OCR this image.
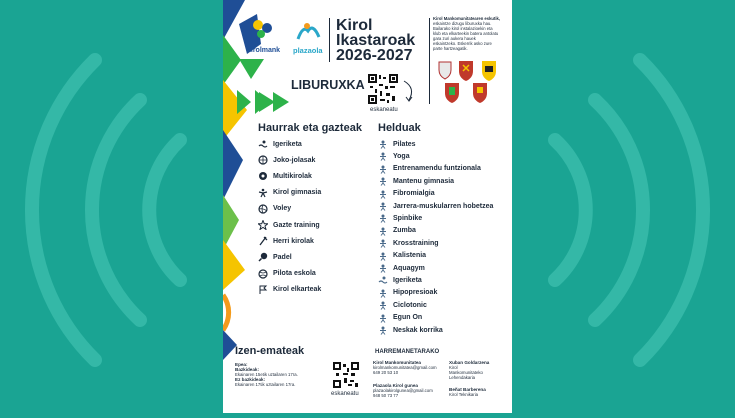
kirolmank plazaola
Kirol
Ikastaroak
2026-2027
Kirol Mankomunitatearen eskutik,
eskaintze dizugu liburuxka hau.
Bailarako kirol instalazioekin eta
klub eta elkarteekin batera antolatu
gara zuri aukera hauek
eskaintzeko. Eskerrik asko zure
parte hartzeagatik.
LIBURUXKA
eskaneatu
Haurrak eta gazteak Helduak
Igeriketa
Joko-jolasak
Multikirolak
Kirol gimnasia
Voley
Gazte training
Herri kirolak
Padel
Pilota eskola
Kirol elkarteak
Pilates
Yoga
Entrenamendu funtzionala
Mantenu gimnasia
Fibromialgia
Jarrera-muskularren hobetzea
Spinbike
Zumba
Krosstraining
Kalistenia
Aquagym
Igeriketa
Hipopresioak
Ciclotonic
Egun On
Neskak korrika
Izen-emateak
Epea:
Bazkideak:
Ekainaren 15etik uztailaren 17ra.
Ez bazkideak:
Ekainaren 17tik uztailaren 17ra.
eskaneatu
HARREMANETARAKO
Kirol Mankomunitatea
kirolmankomunitatea@gmail.com
649 20 53 10
Plazaola Kirol gunea
plazaolakirolgunea@gmail.com
948 50 73 77
Xuban Goldarzena
Kirol
Mankomunitateko
Lehendakaria
Beñat Barberena
Kirol Teknikaria
